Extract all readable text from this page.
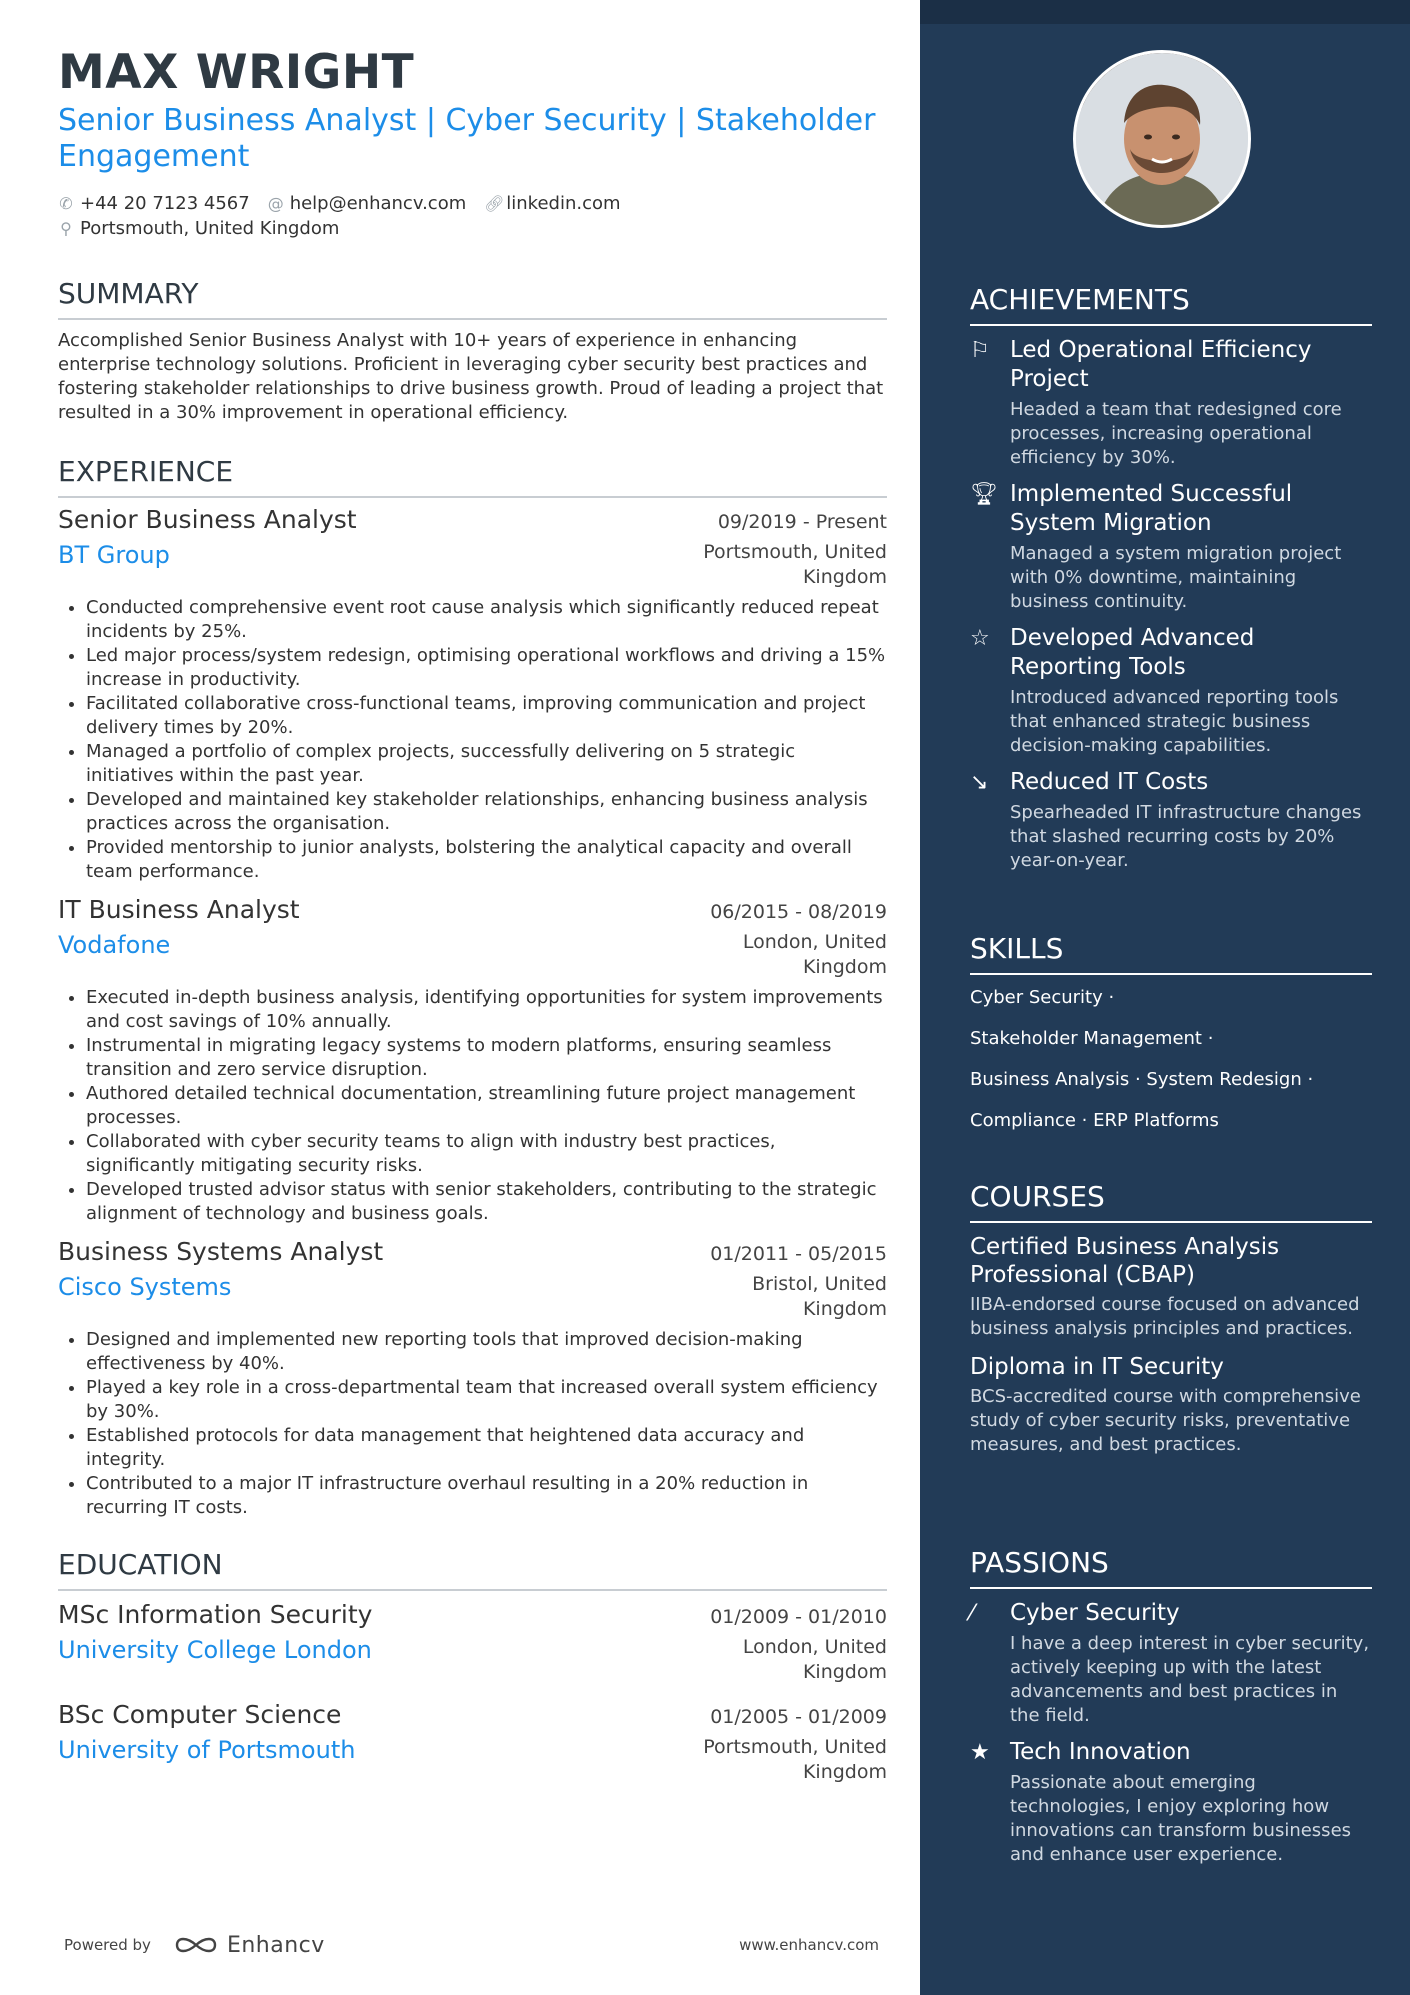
MAX WRIGHT
Senior Business Analyst | Cyber Security | Stakeholder
Engagement
✆ +44 20 7123 4567 @ help@enhancv.com 🔗︎ linkedin.com
⚲ Portsmouth, United Kingdom
SUMMARY
Accomplished Senior Business Analyst with 10+ years of experience in enhancing enterprise technology solutions. Proficient in leveraging cyber security best practices and fostering stakeholder relationships to drive business growth. Proud of leading a project that resulted in a 30% improvement in operational efficiency.
EXPERIENCE
Senior Business Analyst	09/2019 - Present
BT Group	Portsmouth, United
Kingdom
• Conducted comprehensive event root cause analysis which significantly reduced repeat incidents by 25%.
• Led major process/system redesign, optimising operational workflows and driving a 15% increase in productivity.
• Facilitated collaborative cross-functional teams, improving communication and project delivery times by 20%.
• Managed a portfolio of complex projects, successfully delivering on 5 strategic initiatives within the past year.
• Developed and maintained key stakeholder relationships, enhancing business analysis practices across the organisation.
• Provided mentorship to junior analysts, bolstering the analytical capacity and overall team performance.
IT Business Analyst	06/2015 - 08/2019
Vodafone	London, United
Kingdom
• Executed in-depth business analysis, identifying opportunities for system improvements and cost savings of 10% annually.
• Instrumental in migrating legacy systems to modern platforms, ensuring seamless transition and zero service disruption.
• Authored detailed technical documentation, streamlining future project management processes.
• Collaborated with cyber security teams to align with industry best practices, significantly mitigating security risks.
• Developed trusted advisor status with senior stakeholders, contributing to the strategic alignment of technology and business goals.
Business Systems Analyst	01/2011 - 05/2015
Cisco Systems	Bristol, United
Kingdom
• Designed and implemented new reporting tools that improved decision-making effectiveness by 40%.
• Played a key role in a cross-departmental team that increased overall system efficiency by 30%.
• Established protocols for data management that heightened data accuracy and integrity.
• Contributed to a major IT infrastructure overhaul resulting in a 20% reduction in recurring IT costs.
EDUCATION
MSc Information Security	01/2009 - 01/2010
University College London	London, United
Kingdom
BSc Computer Science	01/2005 - 01/2009
University of Portsmouth	Portsmouth, United
Kingdom
Powered by	Enhancv	www.enhancv.com
ACHIEVEMENTS
⚐ Led Operational Efficiency Project
Headed a team that redesigned core processes, increasing operational efficiency by 30%.
🏆︎ Implemented Successful System Migration
Managed a system migration project with 0% downtime, maintaining business continuity.
☆ Developed Advanced Reporting Tools
Introduced advanced reporting tools that enhanced strategic business decision-making capabilities.
↘ Reduced IT Costs
Spearheaded IT infrastructure changes that slashed recurring costs by 20% year-on-year.
SKILLS
Cyber Security ·
Stakeholder Management ·
Business Analysis · System Redesign ·
Compliance · ERP Platforms
COURSES
Certified Business Analysis Professional (CBAP)
IIBA-endorsed course focused on advanced business analysis principles and practices.
Diploma in IT Security
BCS-accredited course with comprehensive study of cyber security risks, preventative measures, and best practices.
PASSIONS
⁄	Cyber Security
I have a deep interest in cyber security, actively keeping up with the latest advancements and best practices in the field.
★ Tech Innovation
Passionate about emerging technologies, I enjoy exploring how innovations can transform businesses and enhance user experience.
